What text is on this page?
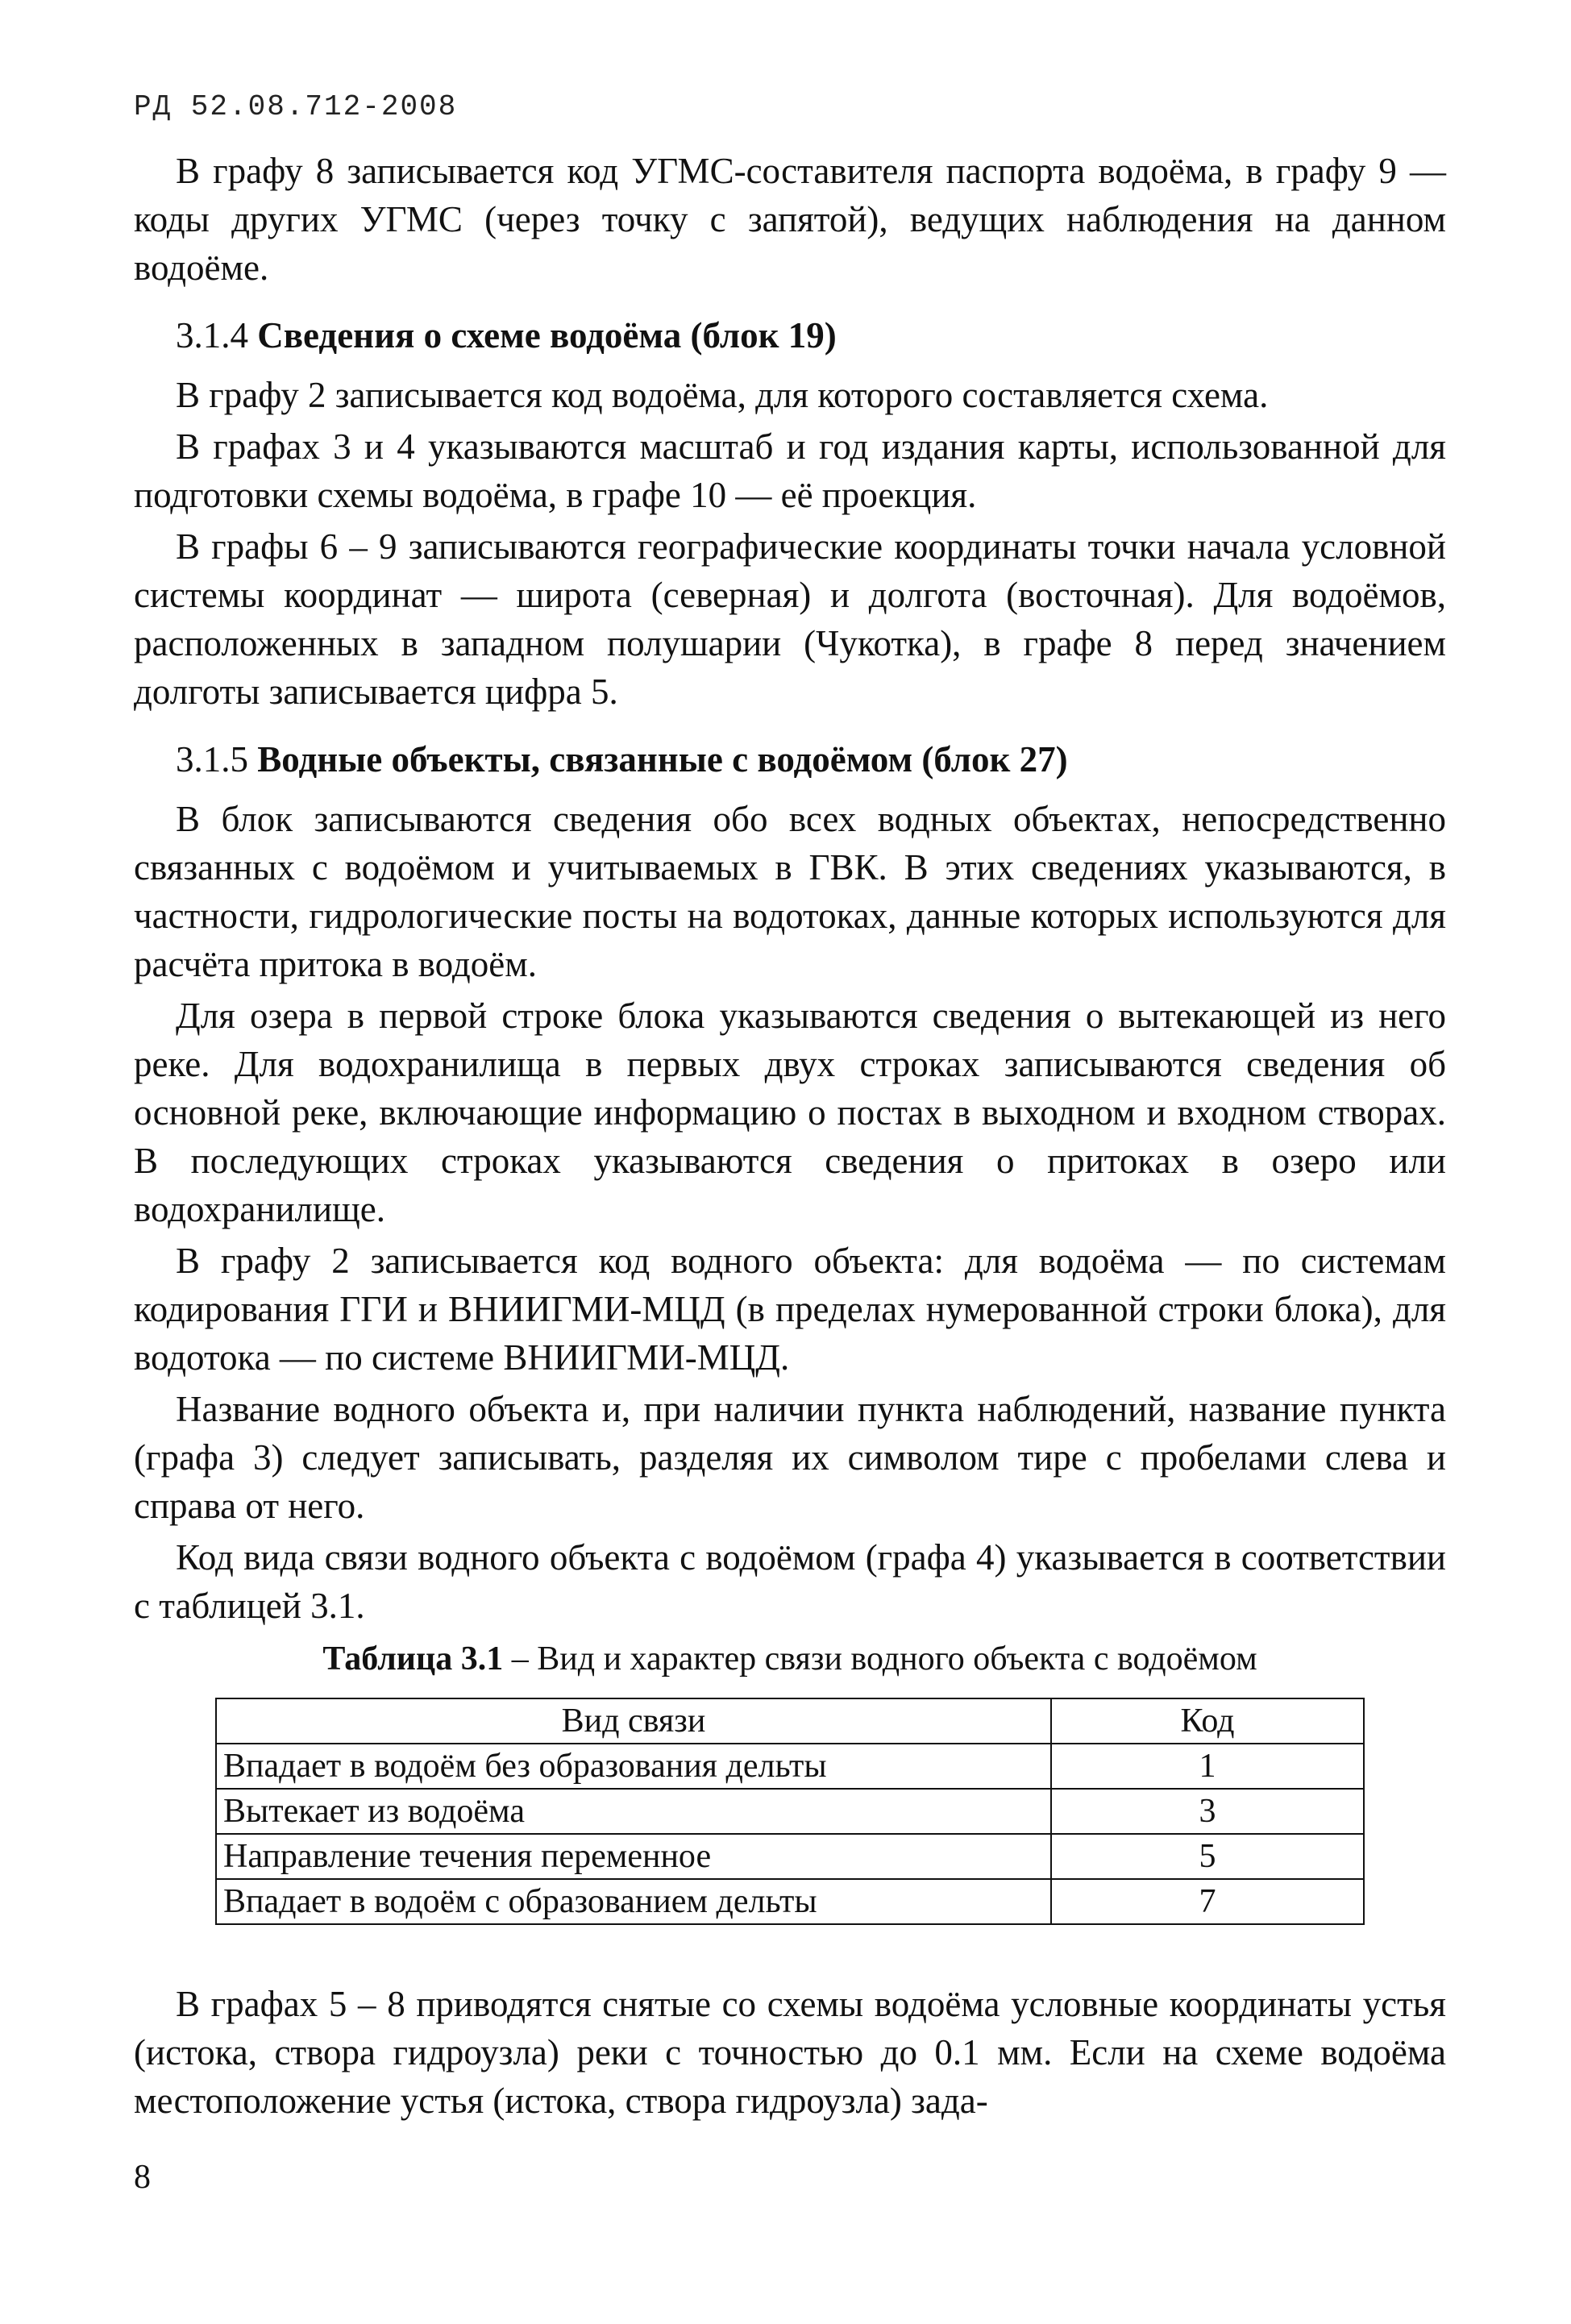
РД 52.08.712-2008

В графу 8 записывается код УГМС-составителя паспорта водоёма, в графу 9 — коды других УГМС (через точку с запятой), ведущих наблюдения на данном водоёме.

3.1.4 Сведения о схеме водоёма (блок 19)

В графу 2 записывается код водоёма, для которого составляется схема.

В графах 3 и 4 указываются масштаб и год издания карты, использованной для подготовки схемы водоёма, в графе 10 — её проекция.

В графы 6 – 9 записываются географические координаты точки начала условной системы координат — широта (северная) и долгота (восточная). Для водоёмов, расположенных в западном полушарии (Чукотка), в графе 8 перед значением долготы записывается цифра 5.

3.1.5 Водные объекты, связанные с водоёмом (блок 27)

В блок записываются сведения обо всех водных объектах, непосредственно связанных с водоёмом и учитываемых в ГВК. В этих сведениях указываются, в частности, гидрологические посты на водотоках, данные которых используются для расчёта притока в водоём.

Для озера в первой строке блока указываются сведения о вытекающей из него реке. Для водохранилища в первых двух строках записываются сведения об основной реке, включающие информацию о постах в выходном и входном створах. В последующих строках указываются сведения о притоках в озеро или водохранилище.

В графу 2 записывается код водного объекта: для водоёма — по системам кодирования ГГИ и ВНИИГМИ-МЦД (в пределах нумерованной строки блока), для водотока — по системе ВНИИГМИ-МЦД.

Название водного объекта и, при наличии пункта наблюдений, название пункта (графа 3) следует записывать, разделяя их символом тире с пробелами слева и справа от него.

Код вида связи водного объекта с водоёмом (графа 4) указывается в соответствии с таблицей 3.1.

Таблица 3.1 – Вид и характер связи водного объекта с водоёмом
Вид связи	Код
Впадает в водоём без образования дельты	1
Вытекает из водоёма	3
Направление течения переменное	5
Впадает в водоём с образованием дельты	7

В графах 5 – 8 приводятся снятые со схемы водоёма условные координаты устья (истока, створа гидроузла) реки с точностью до 0.1 мм. Если на схеме водоёма местоположение устья (истока, створа гидроузла) зада-

8
